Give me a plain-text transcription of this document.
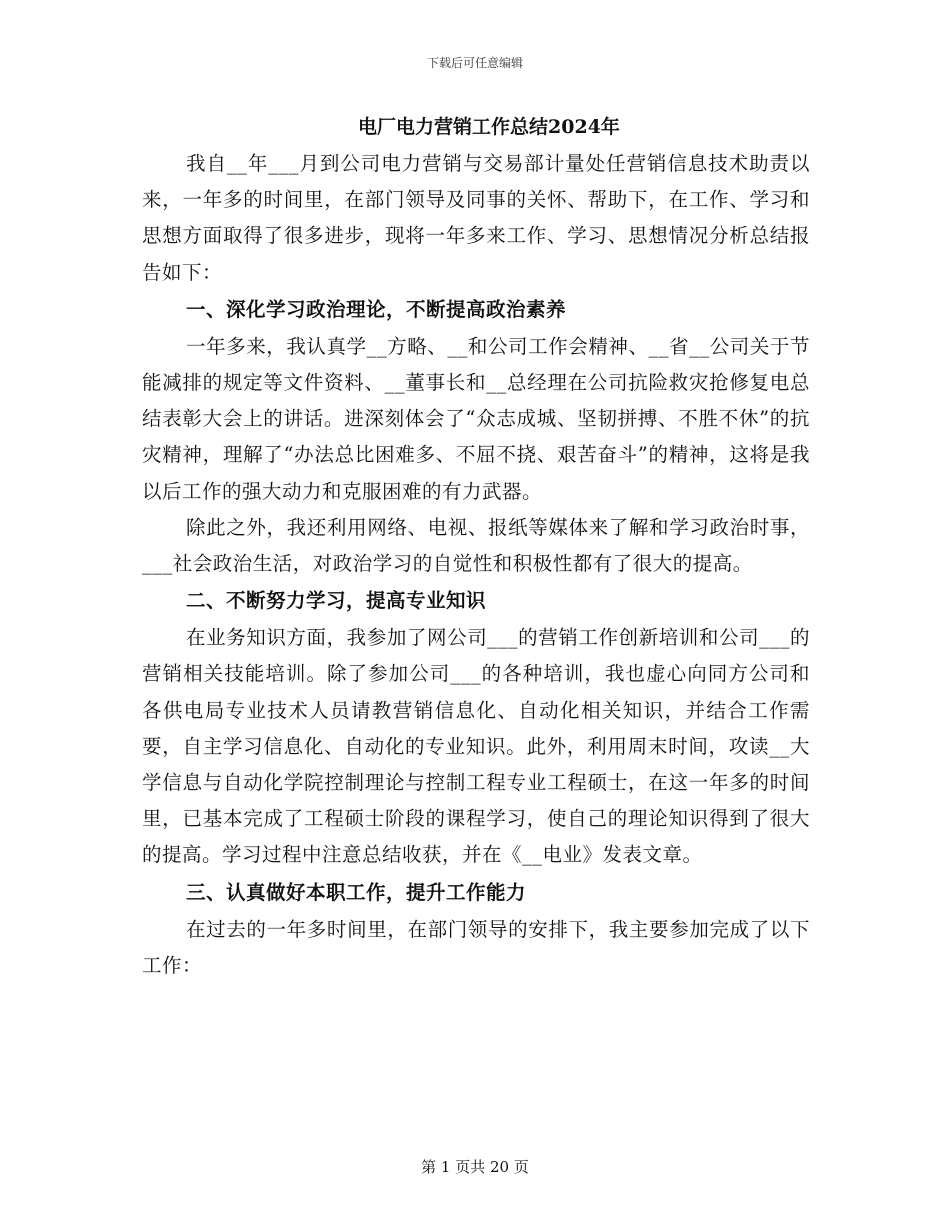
下载后可任意编辑
电厂电力营销工作总结2024年

我自__年___月到公司电力营销与交易部计量处任营销信息技术助责以来，一年多的时间里，在部门领导及同事的关怀、帮助下，在工作、学习和思想方面取得了很多进步，现将一年多来工作、学习、思想情况分析总结报告如下：

一、深化学习政治理论，不断提高政治素养

一年多来，我认真学__方略、__和公司工作会精神、__省__公司关于节能减排的规定等文件资料、__董事长和__总经理在公司抗险救灾抢修复电总结表彰大会上的讲话。进深刻体会了“众志成城、坚韧拼搏、不胜不休”的抗灾精神，理解了“办法总比困难多、不屈不挠、艰苦奋斗”的精神，这将是我以后工作的强大动力和克服困难的有力武器。

除此之外，我还利用网络、电视、报纸等媒体来了解和学习政治时事，___社会政治生活，对政治学习的自觉性和积极性都有了很大的提高。

二、不断努力学习，提高专业知识

在业务知识方面，我参加了网公司___的营销工作创新培训和公司___的营销相关技能培训。除了参加公司___的各种培训，我也虚心向同方公司和各供电局专业技术人员请教营销信息化、自动化相关知识，并结合工作需要，自主学习信息化、自动化的专业知识。此外，利用周末时间，攻读__大学信息与自动化学院控制理论与控制工程专业工程硕士，在这一年多的时间里，已基本完成了工程硕士阶段的课程学习，使自己的理论知识得到了很大的提高。学习过程中注意总结收获，并在《__电业》发表文章。

三、认真做好本职工作，提升工作能力

在过去的一年多时间里，在部门领导的安排下，我主要参加完成了以下工作：

第 1 页共 20 页
